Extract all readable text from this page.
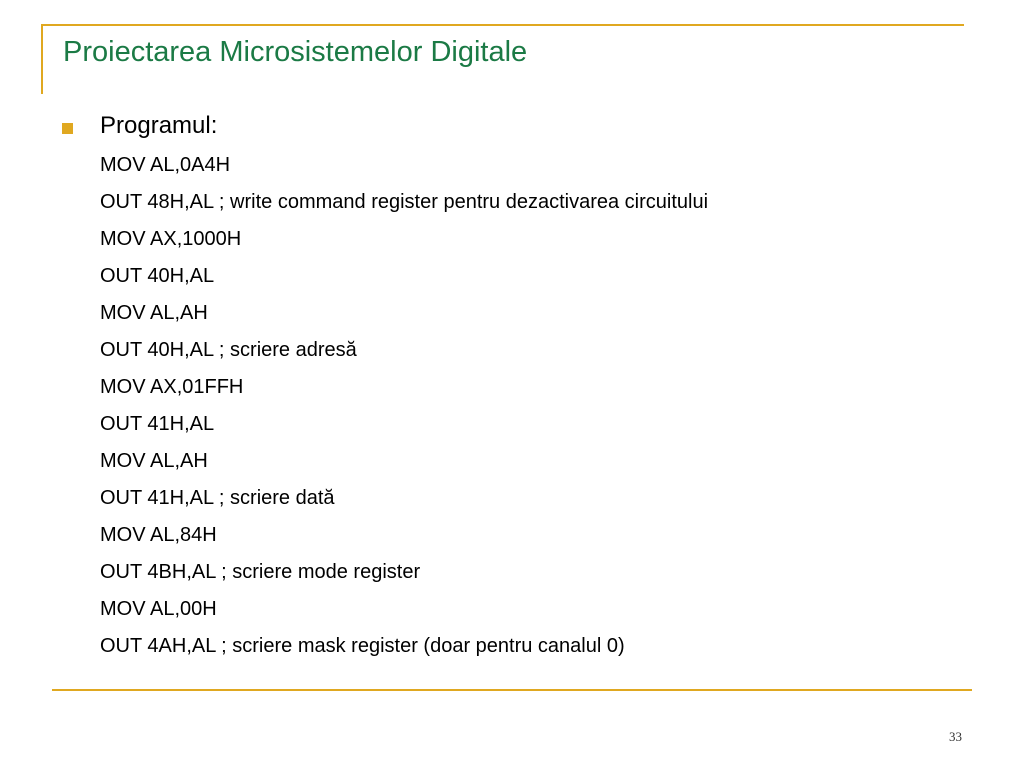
Proiectarea Microsistemelor Digitale
Programul:
MOV AL,0A4H
OUT 48H,AL ; write command register pentru dezactivarea circuitului
MOV AX,1000H
OUT 40H,AL
MOV AL,AH
OUT 40H,AL ; scriere adresă
MOV AX,01FFH
OUT 41H,AL
MOV AL,AH
OUT 41H,AL ; scriere dată
MOV AL,84H
OUT 4BH,AL ; scriere mode register
MOV AL,00H
OUT 4AH,AL ; scriere mask register (doar pentru canalul 0)
33
